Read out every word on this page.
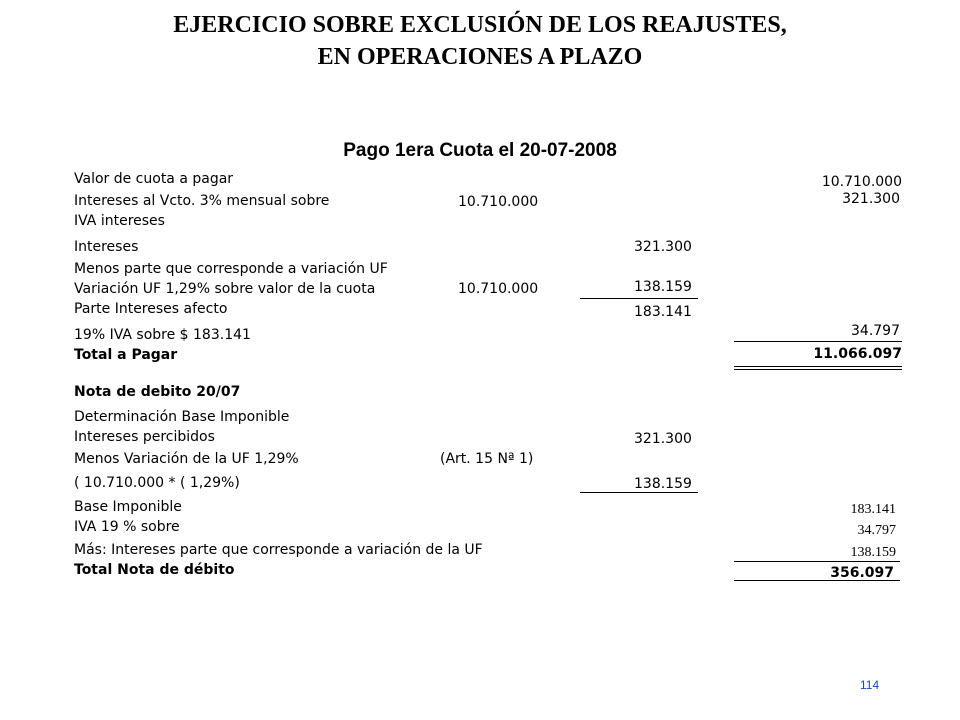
EJERCICIO SOBRE EXCLUSIÓN DE LOS REAJUSTES,
EN OPERACIONES A PLAZO
Pago 1era Cuota el 20-07-2008
Valor de cuota a pagar	10.710.000
Intereses al Vcto. 3% mensual sobre	10.710.000	321.300
IVA intereses
Intereses	321.300
Menos parte que corresponde a variación UF
Variación UF 1,29% sobre valor de la cuota	10.710.000	138.159
Parte Intereses afecto	183.141
19% IVA sobre $ 183.141	34.797
Total a Pagar	11.066.097
Nota de debito 20/07
Determinación Base Imponible
Intereses percibidos	321.300
Menos Variación de la UF 1,29%	(Art. 15 Nª 1)
( 10.710.000 * ( 1,29%)	138.159
Base Imponible	183.141
IVA 19 % sobre	34.797
Más: Intereses parte que corresponde a variación de la UF	138.159
Total Nota de débito	356.097
114
